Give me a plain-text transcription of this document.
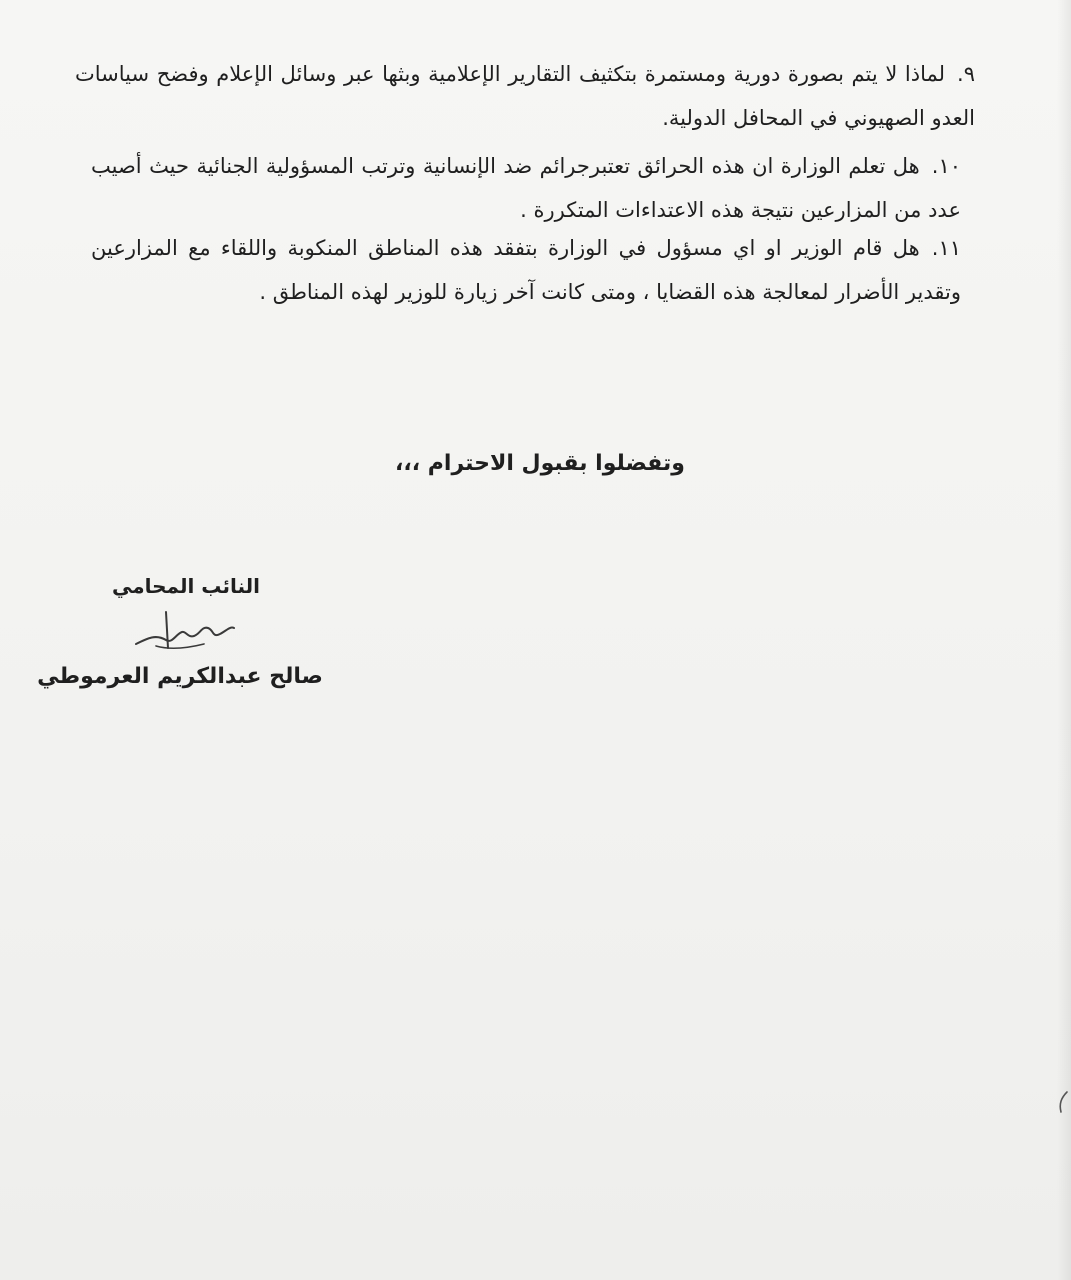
٩.لماذا لا يتم بصورة دورية ومستمرة بتكثيف التقارير الإعلامية وبثها عبر وسائل الإعلام وفضح سياسات العدو الصهيوني في المحافل الدولية.

١٠.هل تعلم الوزارة ان هذه الحرائق تعتبرجرائم ضد الإنسانية وترتب المسؤولية الجنائية حيث أصيب عدد من المزارعين نتيجة هذه الاعتداءات المتكررة .

١١.هل قام الوزير او اي مسؤول في الوزارة بتفقد هذه المناطق المنكوبة واللقاء مع المزارعين وتقدير الأضرار لمعالجة هذه القضايا ، ومتى كانت آخر زيارة للوزير لهذه المناطق .

وتفضلوا بقبول الاحترام ،،،
النائب المحامي
صالح عبدالكريم العرموطي
